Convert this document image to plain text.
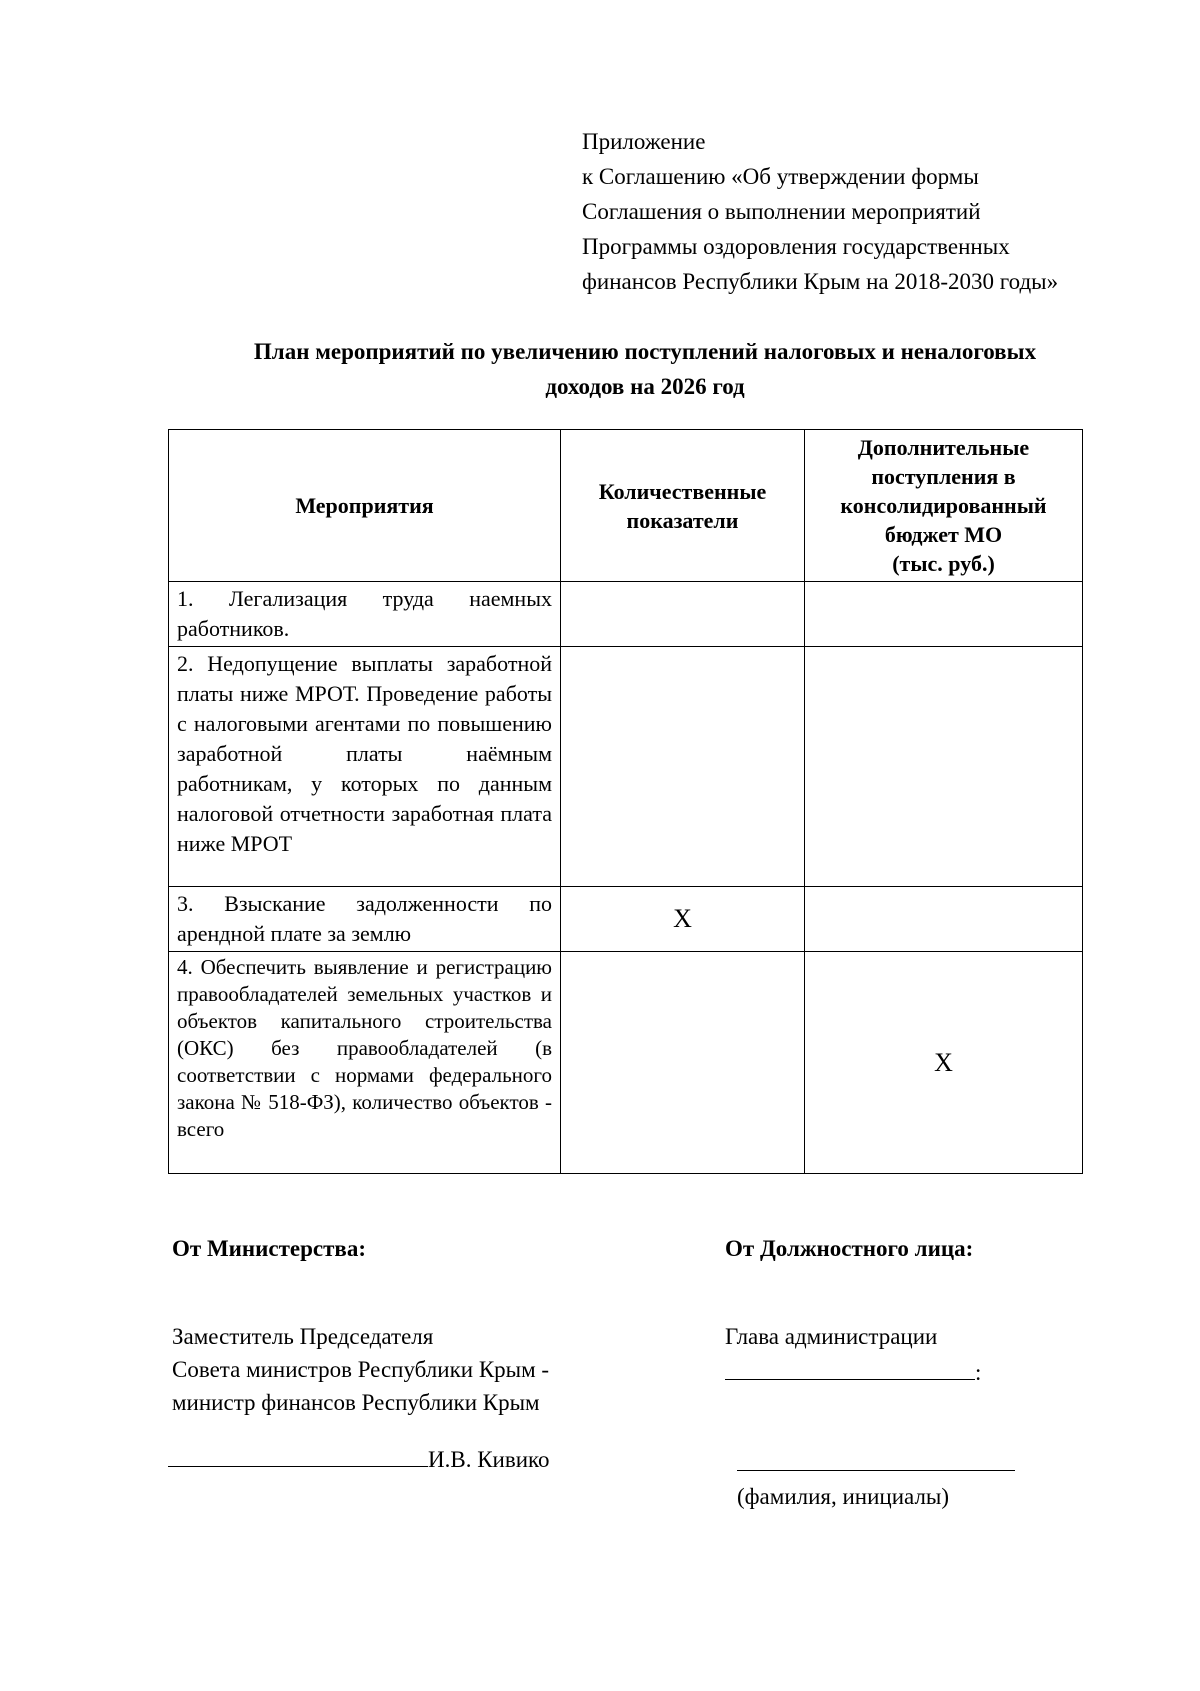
Приложение
к Соглашению «Об утверждении формы
Соглашения о выполнении мероприятий
Программы оздоровления государственных
финансов Республики Крым на 2018-2030 годы»
План мероприятий по увеличению поступлений налоговых и неналоговых
доходов на 2026 год
Мероприятия	Количественные показатели	Дополнительные поступления в консолидированный бюджет МО
(тыс. руб.)
1. Легализация труда наемных работников.		
2. Недопущение выплаты заработной платы ниже МРОТ. Проведение работы с налоговыми агентами по повышению заработной платы наёмным работникам, у которых по данным налоговой отчетности заработная плата ниже МРОТ		
3. Взыскание задолженности по арендной плате за землю	Х	
4. Обеспечить выявление и регистрацию правообладателей земельных участков и объектов капитального строительства (ОКС) без правообладателей (в соответствии с нормами федерального закона № 518-ФЗ), количество объектов - всего		Х
От Министерства:	От Должностного лица:
Заместитель Председателя
Совета министров Республики Крым -
министр финансов Республики Крым
Глава администрации
:
И.В. Кивико
(фамилия, инициалы)
